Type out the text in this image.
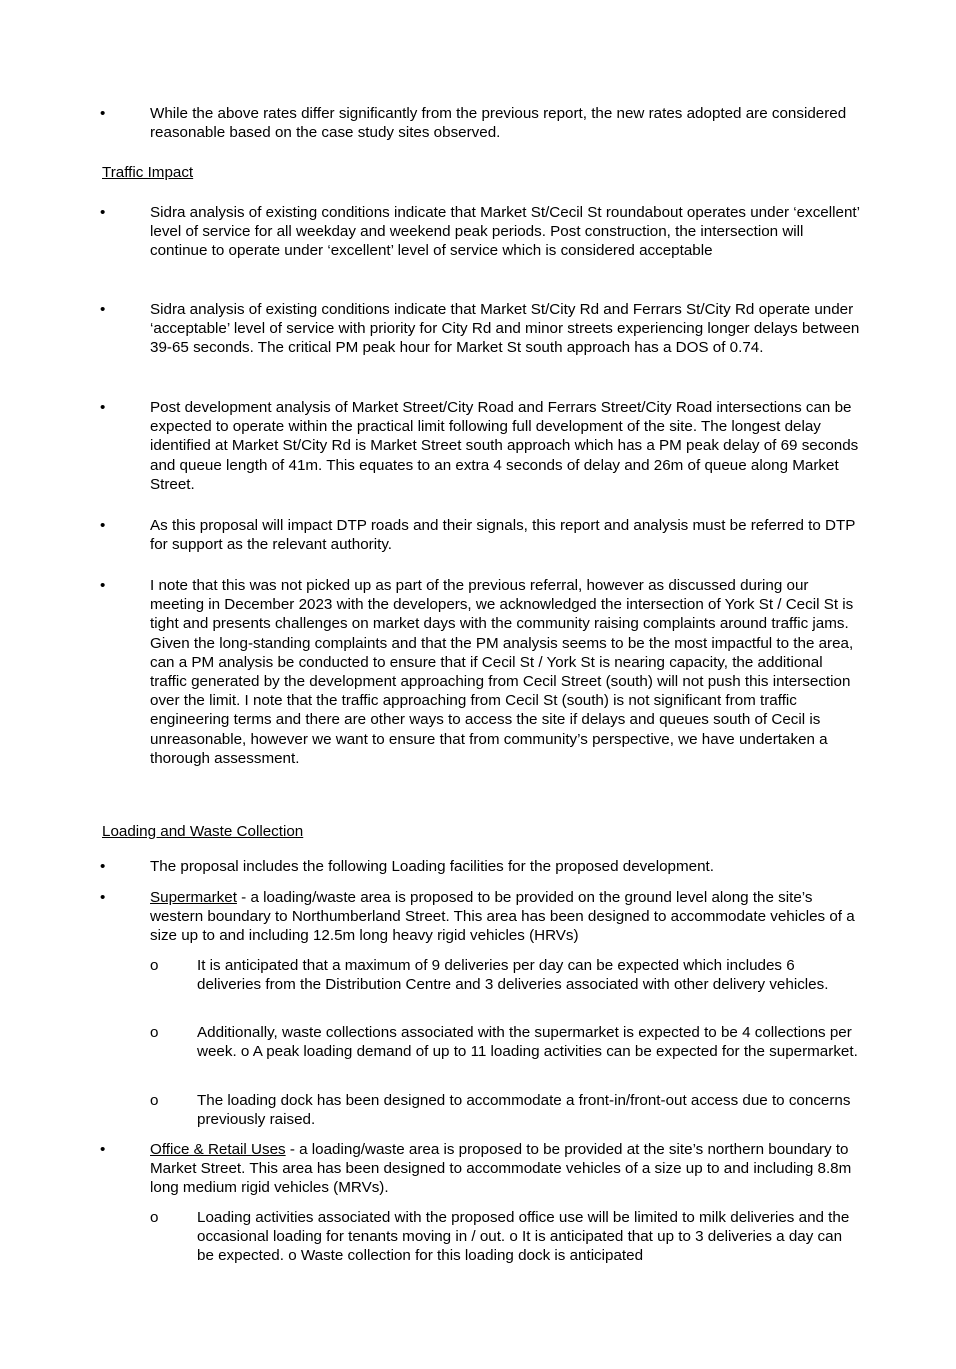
•
While the above rates differ significantly from the previous report, the new rates adopted are considered reasonable based on the case study sites observed.
Traffic Impact
•
Sidra analysis of existing conditions indicate that Market St/Cecil St roundabout operates under ‘excellent’ level of service for all weekday and weekend peak periods. Post construction, the intersection will continue to operate under ‘excellent’ level of service which is considered acceptable
•
Sidra analysis of existing conditions indicate that Market St/City Rd and Ferrars St/City Rd operate under ‘acceptable’ level of service with priority for City Rd and minor streets experiencing longer delays between 39-65 seconds. The critical PM peak hour for Market St south approach has a DOS of 0.74.
•
Post development analysis of Market Street/City Road and Ferrars Street/City Road intersections can be expected to operate within the practical limit following full development of the site. The longest delay identified at Market St/City Rd is Market Street south approach which has a PM peak delay of 69 seconds and queue length of 41m. This equates to an extra 4 seconds of delay and 26m of queue along Market Street.
•
As this proposal will impact DTP roads and their signals, this report and analysis must be referred to DTP for support as the relevant authority.
•
I note that this was not picked up as part of the previous referral, however as discussed during our meeting in December 2023 with the developers, we acknowledged the intersection of York St / Cecil St is tight and presents challenges on market days with the community raising complaints around traffic jams. Given the long-standing complaints and that the PM analysis seems to be the most impactful to the area, can a PM analysis be conducted to ensure that if Cecil St / York St is nearing capacity, the additional traffic generated by the development approaching from Cecil Street (south) will not push this intersection over the limit. I note that the traffic approaching from Cecil St (south) is not significant from traffic engineering terms and there are other ways to access the site if delays and queues south of Cecil is unreasonable, however we want to ensure that from community’s perspective, we have undertaken a thorough assessment.
Loading and Waste Collection
•
The proposal includes the following Loading facilities for the proposed development.
•
Supermarket - a loading/waste area is proposed to be provided on the ground level along the site’s western boundary to Northumberland Street. This area has been designed to accommodate vehicles of a size up to and including 12.5m long heavy rigid vehicles (HRVs)
o
It is anticipated that a maximum of 9 deliveries per day can be expected which includes 6 deliveries from the Distribution Centre and 3 deliveries associated with other delivery vehicles.
o
Additionally, waste collections associated with the supermarket is expected to be 4 collections per week. o A peak loading demand of up to 11 loading activities can be expected for the supermarket.
o
The loading dock has been designed to accommodate a front-in/front-out access due to concerns previously raised.
•
Office & Retail Uses - a loading/waste area is proposed to be provided at the site’s northern boundary to Market Street. This area has been designed to accommodate vehicles of a size up to and including 8.8m long medium rigid vehicles (MRVs).
o
Loading activities associated with the proposed office use will be limited to milk deliveries and the occasional loading for tenants moving in / out. o It is anticipated that up to 3 deliveries a day can be expected. o Waste collection for this loading dock is anticipated
